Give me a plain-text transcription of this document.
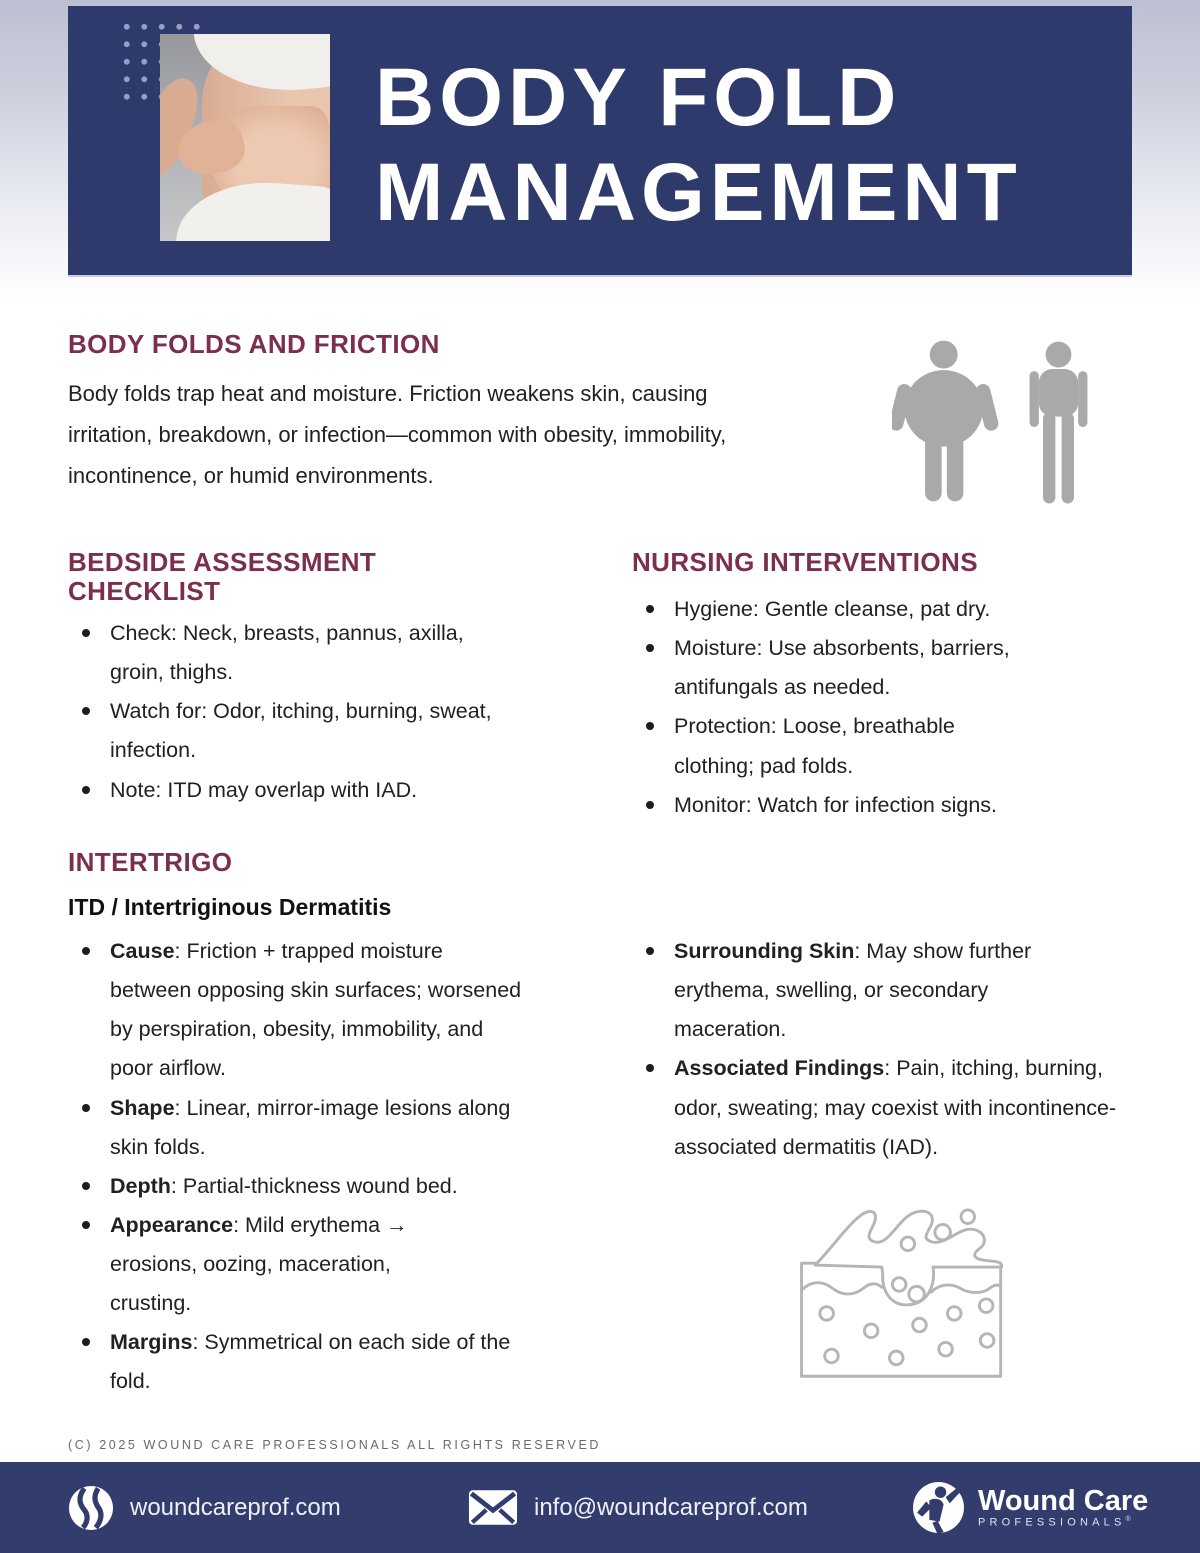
BODY FOLD
MANAGEMENT
BODY FOLDS AND FRICTION
Body folds trap heat and moisture. Friction weakens skin, causing irritation, breakdown, or infection—common with obesity, immobility, incontinence, or humid environments.
BEDSIDE ASSESSMENT CHECKLIST
Check: Neck, breasts, pannus, axilla, groin, thighs.
Watch for: Odor, itching, burning, sweat, infection.
Note: ITD may overlap with IAD.
NURSING INTERVENTIONS
Hygiene: Gentle cleanse, pat dry.
Moisture: Use absorbents, barriers, antifungals as needed.
Protection: Loose, breathable clothing; pad folds.
Monitor: Watch for infection signs.
INTERTRIGO
ITD / Intertriginous Dermatitis
Cause: Friction + trapped moisture between opposing skin surfaces; worsened by perspiration, obesity, immobility, and poor airflow.
Shape: Linear, mirror-image lesions along skin folds.
Depth: Partial-thickness wound bed.
Appearance: Mild erythema → erosions, oozing, maceration, crusting.
Margins: Symmetrical on each side of the fold.
Surrounding Skin: May show further erythema, swelling, or secondary maceration.
Associated Findings: Pain, itching, burning, odor, sweating; may coexist with incontinence-associated dermatitis (IAD).
(C) 2025 WOUND CARE PROFESSIONALS ALL RIGHTS RESERVED
woundcareprof.com	info@woundcareprof.com	Wound Care
PROFESSIONALS®
